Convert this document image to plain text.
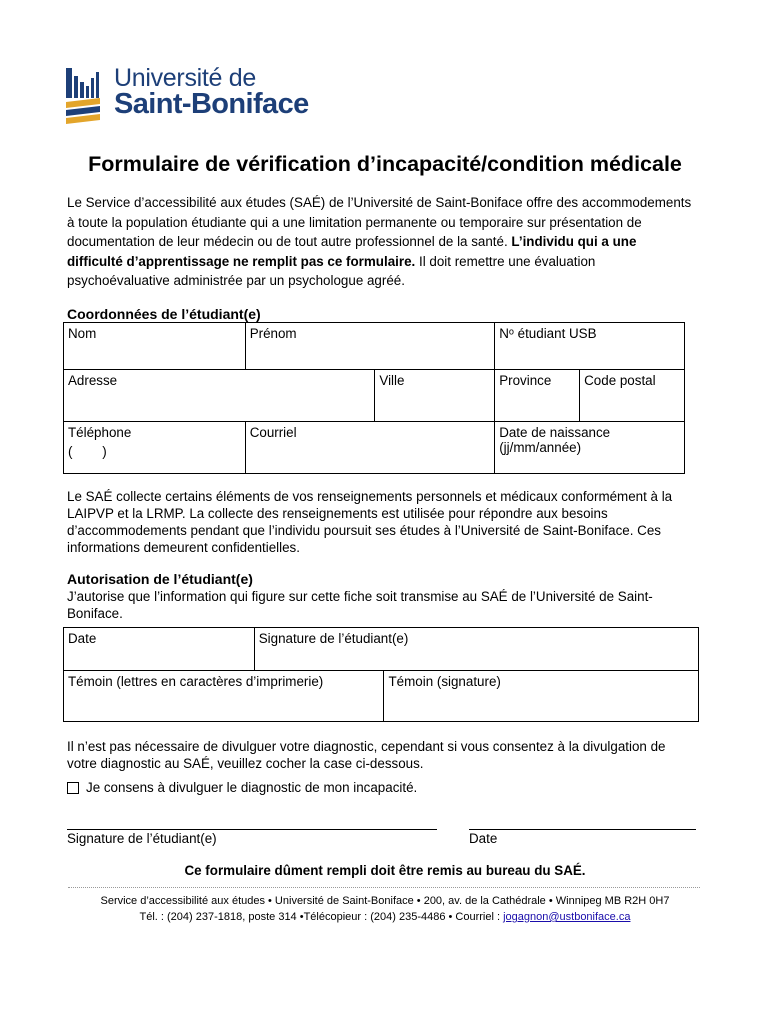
Université de
Saint-Boniface
Formulaire de vérification d’incapacité/condition médicale
Le Service d’accessibilité aux études (SAÉ) de l’Université de Saint-Boniface offre des accommodements à toute la population étudiante qui a une limitation permanente ou temporaire sur présentation de documentation de leur médecin ou de tout autre professionnel de la santé. L’individu qui a une difficulté d’apprentissage ne remplit pas ce formulaire. Il doit remettre une évaluation psychoévaluative administrée par un psychologue agréé.
Coordonnées de l’étudiant(e)
Nom	Prénom		Nᵒ étudiant USB	
Adresse		Ville	Province	Code postal

Téléphone
(        )	Courriel		Date de naissance (jj/mm/année)	
Le SAÉ collecte certains éléments de vos renseignements personnels et médicaux conformément à la LAIPVP et la LRMP. La collecte des renseignements est utilisée pour répondre aux besoins d’accommodements pendant que l’individu poursuit ses études à l’Université de Saint-Boniface. Ces informations demeurent confidentielles.
Autorisation de l’étudiant(e)
J’autorise que l’information qui figure sur cette fiche soit transmise au SAÉ de l’Université de Saint-Boniface.
Date	Signature de l’étudiant(e)	
Témoin (lettres en caractères d’imprimerie)		Témoin (signature)
Il n’est pas nécessaire de divulguer votre diagnostic, cependant si vous consentez à la divulgation de votre diagnostic au SAÉ, veuillez cocher la case ci-dessous.
Je consens à divulguer le diagnostic de mon incapacité.
Signature de l’étudiant(e)	Date
Ce formulaire dûment rempli doit être remis au bureau du SAÉ.
Service d’accessibilité aux études • Université de Saint-Boniface • 200, av. de la Cathédrale • Winnipeg MB R2H 0H7
Tél. : (204) 237-1818, poste 314 •Télécopieur : (204) 235-4486 • Courriel : jogagnon@ustboniface.ca
